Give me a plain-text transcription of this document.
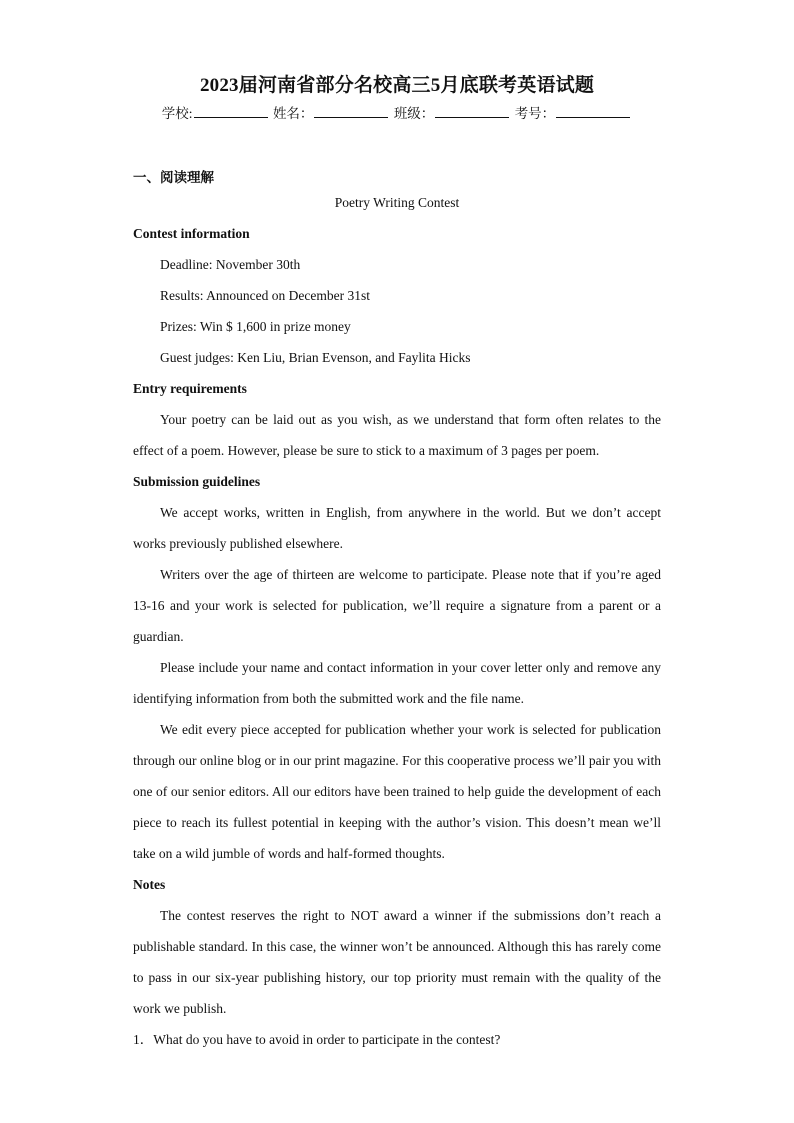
2023届河南省部分名校高三5月底联考英语试题
学校:	姓名：	班级：	考号：
一、阅读理解
Poetry Writing Contest
Contest information
Deadline: November 30th
Results: Announced on December 31st
Prizes: Win $ 1,600 in prize money
Guest judges: Ken Liu, Brian Evenson, and Faylita Hicks
Entry requirements
Your poetry can be laid out as you wish, as we understand that form often relates to the effect of a poem. However, please be sure to stick to a maximum of 3 pages per poem.
Submission guidelines
We accept works, written in English, from anywhere in the world. But we don’t accept works previously published elsewhere.
Writers over the age of thirteen are welcome to participate. Please note that if you’re aged 13-16 and your work is selected for publication, we’ll require a signature from a parent or a guardian.
Please include your name and contact information in your cover letter only and remove any identifying information from both the submitted work and the file name.
We edit every piece accepted for publication whether your work is selected for publication through our online blog or in our print magazine. For this cooperative process we’ll pair you with one of our senior editors. All our editors have been trained to help guide the development of each piece to reach its fullest potential in keeping with the author’s vision. This doesn’t mean we’ll take on a wild jumble of words and half-formed thoughts.
Notes
The contest reserves the right to NOT award a winner if the submissions don’t reach a publishable standard. In this case, the winner won’t be announced. Although this has rarely come to pass in our six-year publishing history, our top priority must remain with the quality of the work we publish.
1．What do you have to avoid in order to participate in the contest?
